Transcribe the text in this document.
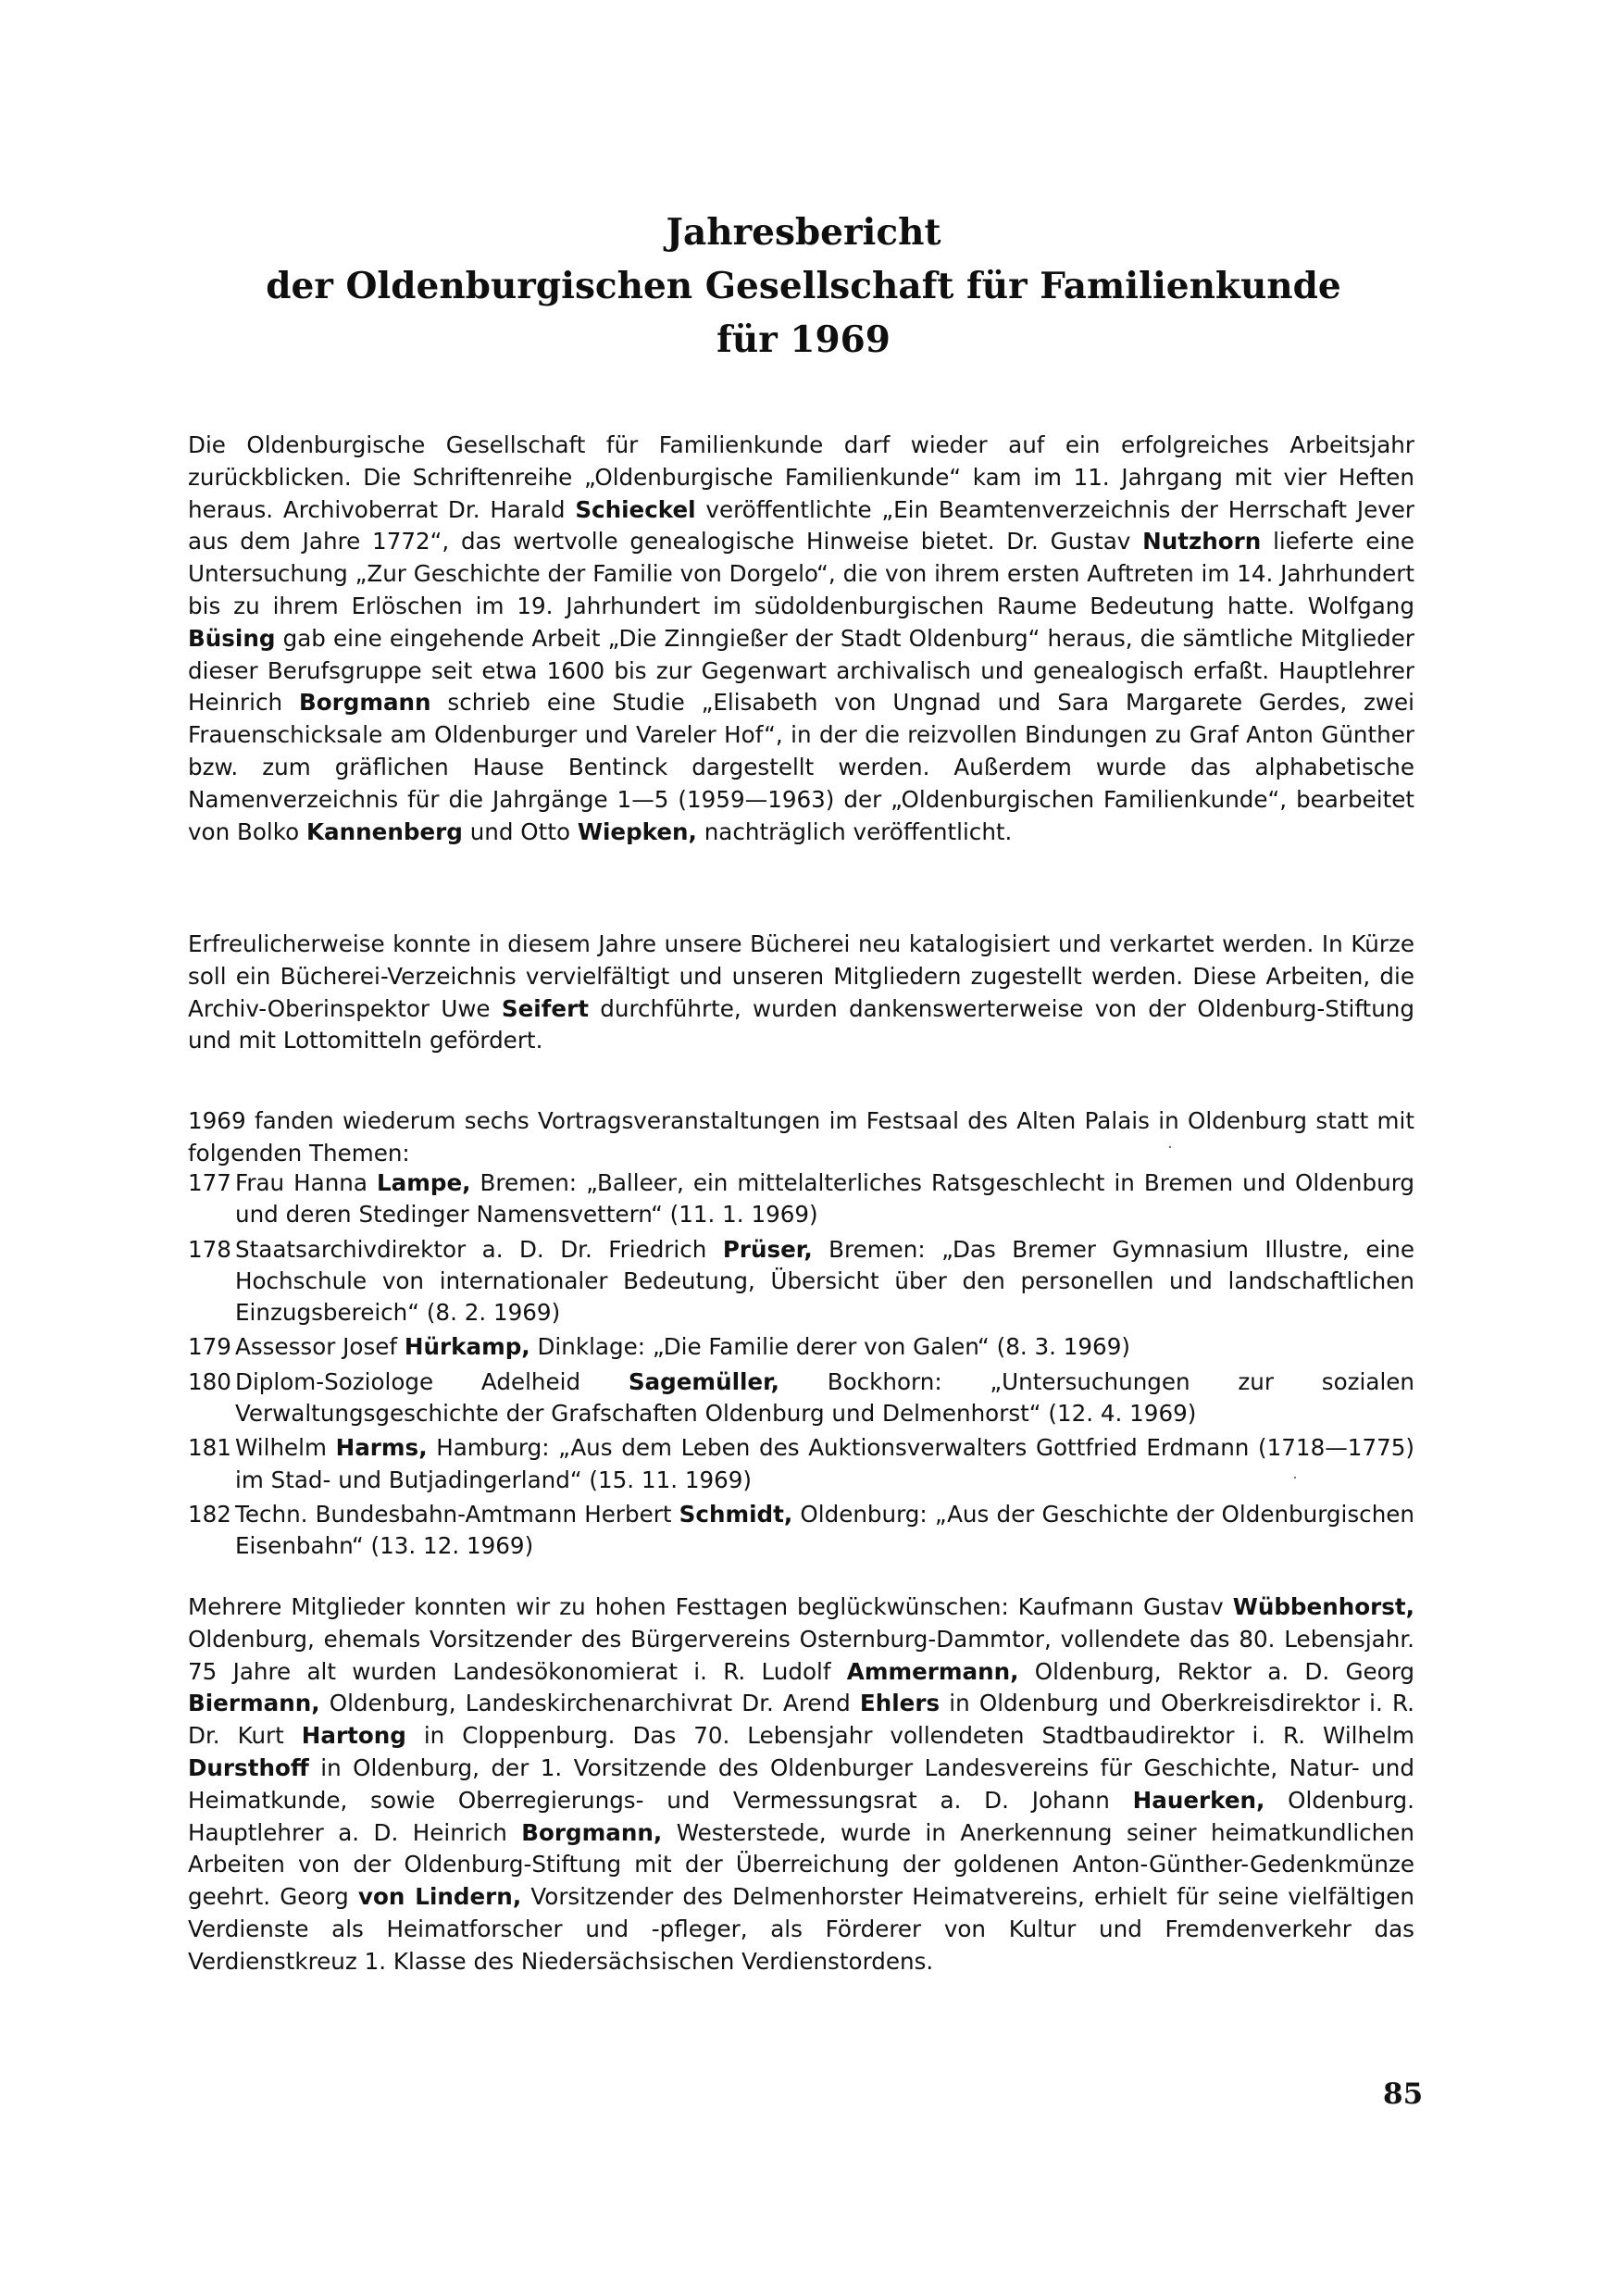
Jahresbericht
der Oldenburgischen Gesellschaft für Familienkunde
für 1969

Die Oldenburgische Gesellschaft für Familienkunde darf wieder auf ein erfolgreiches Arbeitsjahr zurückblicken. Die Schriftenreihe „Oldenburgische Familienkunde“ kam im 11. Jahrgang mit vier Heften heraus. Archivoberrat Dr. Harald Schieckel veröffentlichte „Ein Beamtenverzeichnis der Herrschaft Jever aus dem Jahre 1772“, das wertvolle genealogische Hinweise bietet. Dr. Gustav Nutzhorn lieferte eine Untersuchung „Zur Geschichte der Familie von Dorgelo“, die von ihrem ersten Auftreten im 14. Jahrhundert bis zu ihrem Erlöschen im 19. Jahrhundert im südoldenburgischen Raume Bedeutung hatte. Wolfgang Büsing gab eine eingehende Arbeit „Die Zinngießer der Stadt Oldenburg“ heraus, die sämtliche Mitglieder dieser Berufsgruppe seit etwa 1600 bis zur Gegenwart archivalisch und genealogisch erfaßt. Hauptlehrer Heinrich Borgmann schrieb eine Studie „Elisabeth von Ungnad und Sara Margarete Gerdes, zwei Frauenschicksale am Oldenburger und Vareler Hof“, in der die reizvollen Bindungen zu Graf Anton Günther bzw. zum gräflichen Hause Bentinck dargestellt werden. Außerdem wurde das alphabetische Namenverzeichnis für die Jahrgänge 1—5 (1959—1963) der „Oldenburgischen Familienkunde“, bearbeitet von Bolko Kannenberg und Otto Wiepken, nachträglich veröffentlicht.

Erfreulicherweise konnte in diesem Jahre unsere Bücherei neu katalogisiert und verkartet werden. In Kürze soll ein Bücherei-Verzeichnis vervielfältigt und unseren Mitgliedern zugestellt werden. Diese Arbeiten, die Archiv-Oberinspektor Uwe Seifert durchführte, wurden dankenswerterweise von der Oldenburg-Stiftung und mit Lottomitteln gefördert.

1969 fanden wiederum sechs Vortragsveranstaltungen im Festsaal des Alten Palais in Oldenburg statt mit folgenden Themen:

177 Frau Hanna Lampe, Bremen: „Balleer, ein mittelalterliches Ratsgeschlecht in Bremen und Oldenburg und deren Stedinger Namensvettern“ (11. 1. 1969)
178 Staatsarchivdirektor a. D. Dr. Friedrich Prüser, Bremen: „Das Bremer Gymnasium Illustre, eine Hochschule von internationaler Bedeutung, Übersicht über den personellen und landschaftlichen Einzugsbereich“ (8. 2. 1969)
179 Assessor Josef Hürkamp, Dinklage: „Die Familie derer von Galen“ (8. 3. 1969)
180 Diplom-Soziologe Adelheid Sagemüller, Bockhorn: „Untersuchungen zur sozialen Verwaltungsgeschichte der Grafschaften Oldenburg und Delmenhorst“ (12. 4. 1969)
181 Wilhelm Harms, Hamburg: „Aus dem Leben des Auktionsverwalters Gottfried Erdmann (1718—1775) im Stad- und Butjadingerland“ (15. 11. 1969)
182 Techn. Bundesbahn-Amtmann Herbert Schmidt, Oldenburg: „Aus der Geschichte der Oldenburgischen Eisenbahn“ (13. 12. 1969)

Mehrere Mitglieder konnten wir zu hohen Festtagen beglückwünschen: Kaufmann Gustav Wübbenhorst, Oldenburg, ehemals Vorsitzender des Bürgervereins Osternburg-Dammtor, vollendete das 80. Lebensjahr. 75 Jahre alt wurden Landesökonomierat i. R. Ludolf Ammermann, Oldenburg, Rektor a. D. Georg Biermann, Oldenburg, Landeskirchenarchivrat Dr. Arend Ehlers in Oldenburg und Oberkreisdirektor i. R. Dr. Kurt Hartong in Cloppenburg. Das 70. Lebensjahr vollendeten Stadtbaudirektor i. R. Wilhelm Dursthoff in Oldenburg, der 1. Vorsitzende des Oldenburger Landesvereins für Geschichte, Natur- und Heimatkunde, sowie Oberregierungs- und Vermessungsrat a. D. Johann Hauerken, Oldenburg. Hauptlehrer a. D. Heinrich Borgmann, Westerstede, wurde in Anerkennung seiner heimatkundlichen Arbeiten von der Oldenburg-Stiftung mit der Überreichung der goldenen Anton-Günther-Gedenkmünze geehrt. Georg von Lindern, Vorsitzender des Delmenhorster Heimatvereins, erhielt für seine vielfältigen Verdienste als Heimatforscher und -pfleger, als Förderer von Kultur und Fremdenverkehr das Verdienstkreuz 1. Klasse des Niedersächsischen Verdienstordens.

85
